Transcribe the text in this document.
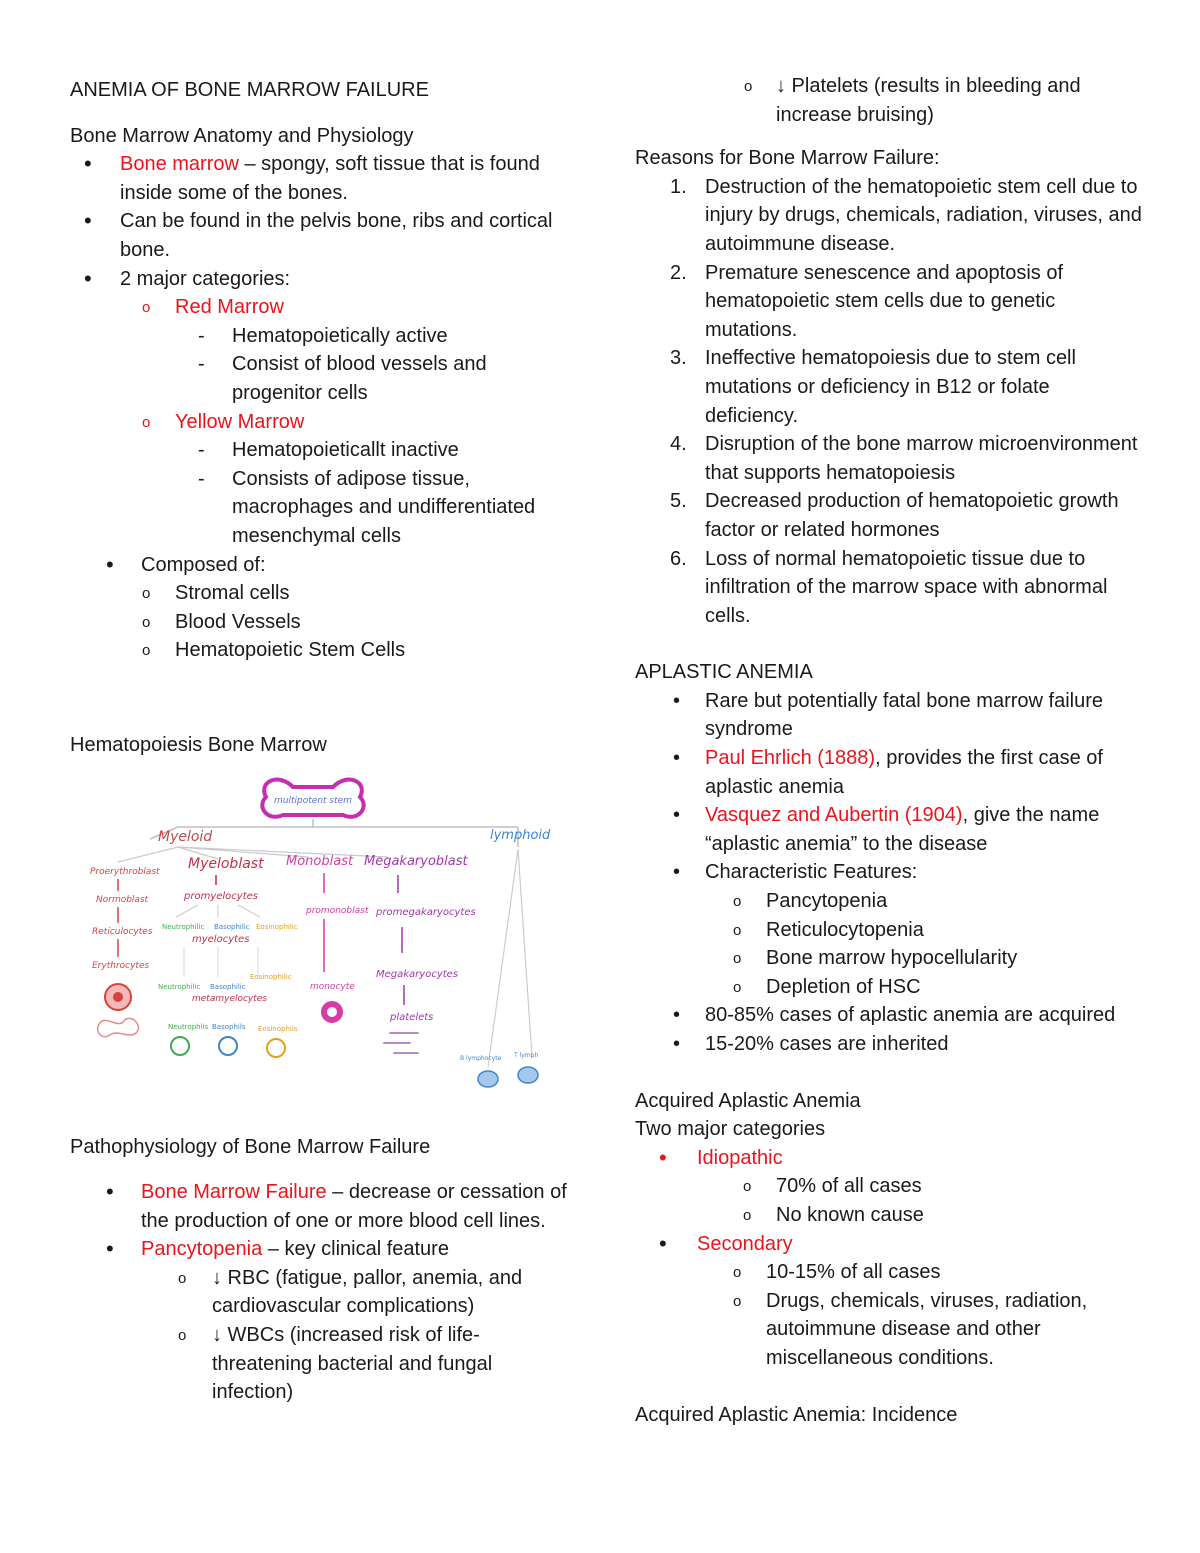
ANEMIA OF BONE MARROW FAILURE

Bone Marrow Anatomy and Physiology

• Bone marrow – spongy, soft tissue that is found inside some of the bones.
• Can be found in the pelvis bone, ribs and cortical bone.
• 2 major categories:
o Red Marrow
- Hematopoietically active
- Consist of blood vessels and progenitor cells
o Yellow Marrow
- Hematopoieticallt inactive
- Consists of adipose tissue, macrophages and undifferentiated mesenchymal cells
• Composed of:
o Stromal cells
o Blood Vessels
o Hematopoietic Stem Cells

Hematopoiesis Bone Marrow

multipotent stem
Myeloid	lymphoid
Proerythroblast
Normoblast
Reticulocytes
Erythrocytes
Myeloblast
promyelocytes
Neutrophilic Basophilic Eosinophilic
myelocytes
Neutrophilic Basophilic
Eosinophilic
metamyelocytes
Neutrophils Basophils Eosinophils
Monoblast
promonoblast
monocyte
Megakaryoblast
promegakaryocytes
Megakaryocytes
platelets
B lymphocyte T lymph

Pathophysiology of Bone Marrow Failure

• Bone Marrow Failure – decrease or cessation of the production of one or more blood cell lines.
• Pancytopenia – key clinical feature
o ↓ RBC (fatigue, pallor, anemia, and cardiovascular complications)
o ↓ WBCs (increased risk of life-threatening bacterial and fungal infection)
o ↓ Platelets (results in bleeding and increase bruising)

Reasons for Bone Marrow Failure:

1. Destruction of the hematopoietic stem cell due to injury by drugs, chemicals, radiation, viruses, and autoimmune disease.
2. Premature senescence and apoptosis of hematopoietic stem cells due to genetic mutations.
3. Ineffective hematopoiesis due to stem cell mutations or deficiency in B12 or folate deficiency.
4. Disruption of the bone marrow microenvironment that supports hematopoiesis
5. Decreased production of hematopoietic growth factor or related hormones
6. Loss of normal hematopoietic tissue due to infiltration of the marrow space with abnormal cells.

APLASTIC ANEMIA

• Rare but potentially fatal bone marrow failure syndrome
• Paul Ehrlich (1888), provides the first case of aplastic anemia
• Vasquez and Aubertin (1904), give the name “aplastic anemia” to the disease
• Characteristic Features:
o Pancytopenia
o Reticulocytopenia
o Bone marrow hypocellularity
o Depletion of HSC
• 80-85% cases of aplastic anemia are acquired
• 15-20% cases are inherited

Acquired Aplastic Anemia

Two major categories

• Idiopathic
o 70% of all cases
o No known cause
• Secondary
o 10-15% of all cases
o Drugs, chemicals, viruses, radiation, autoimmune disease and other miscellaneous conditions.

Acquired Aplastic Anemia: Incidence
